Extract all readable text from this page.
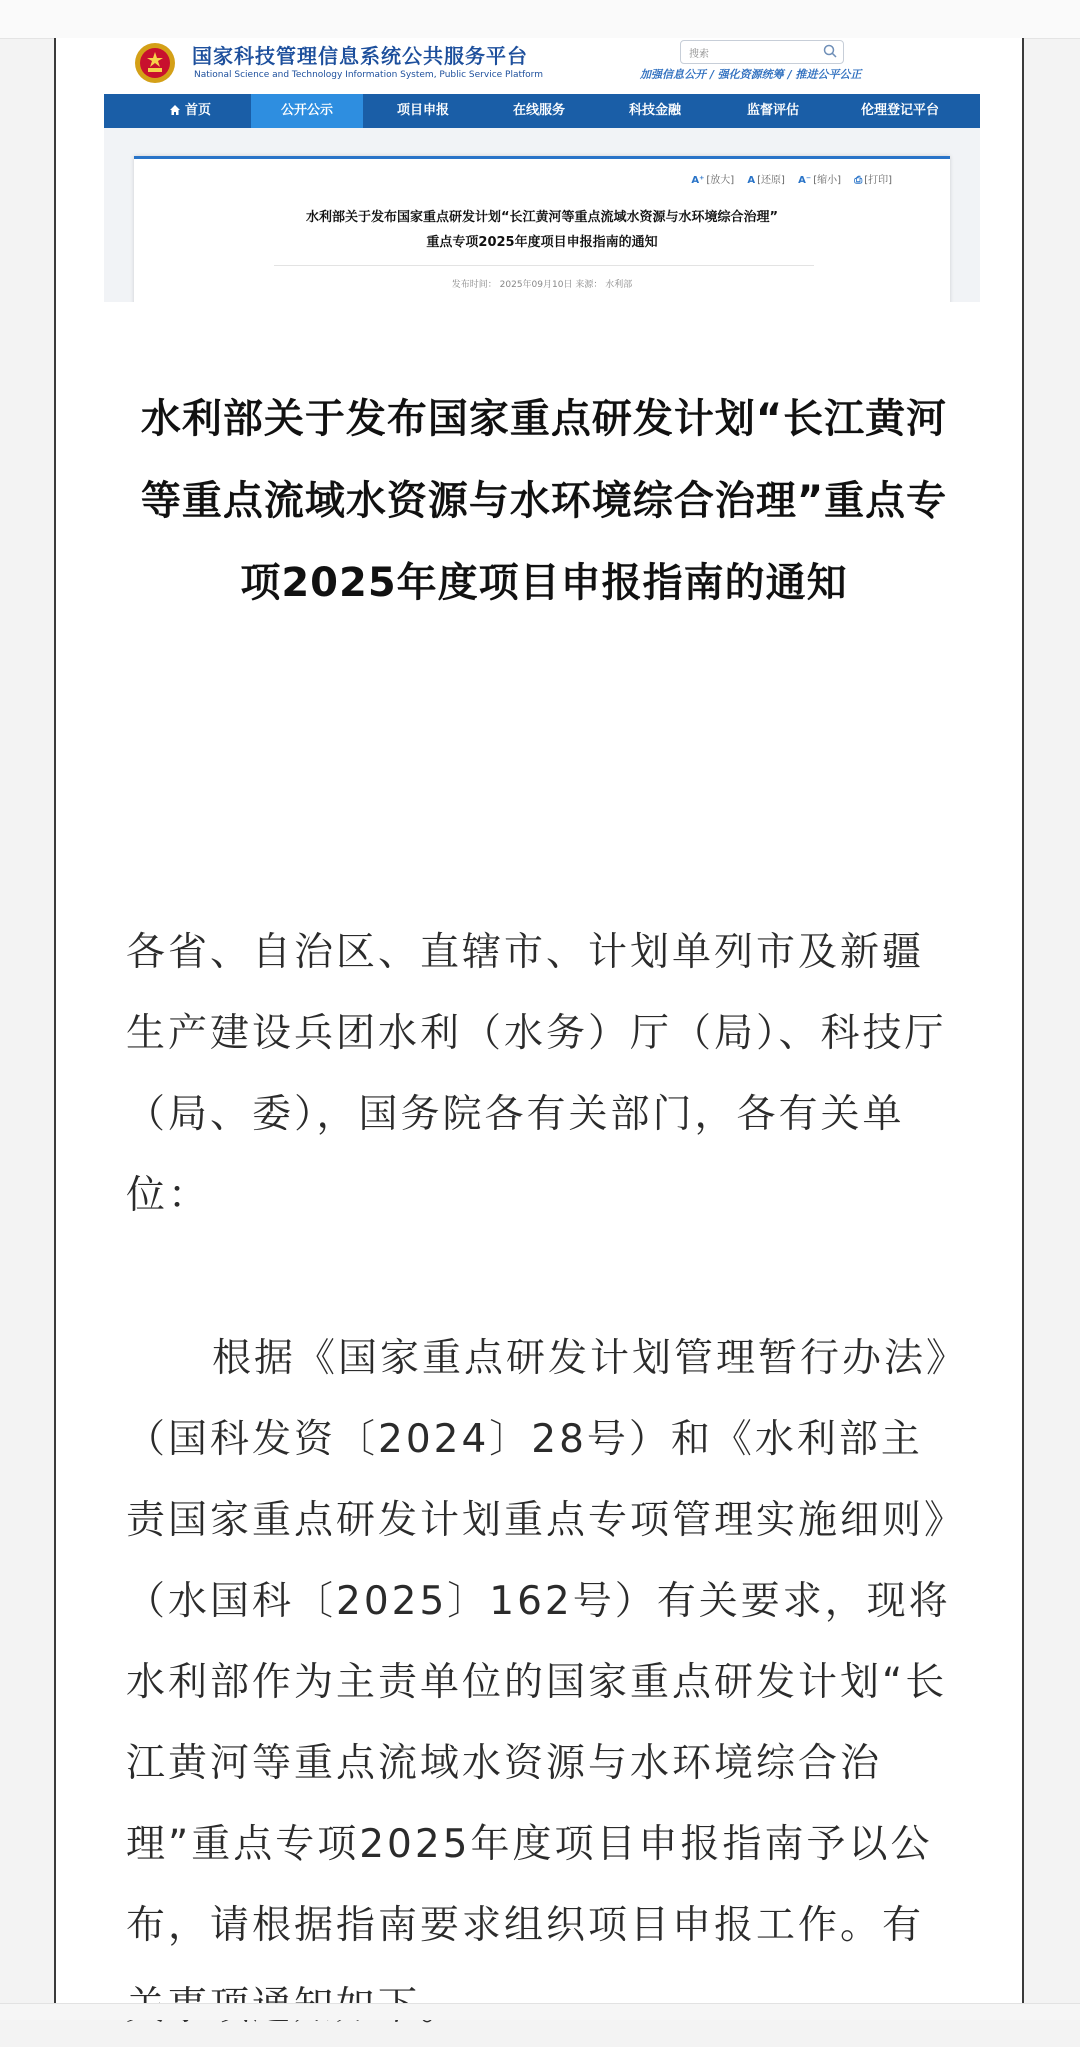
国家科技管理信息系统公共服务平台
National Science and Technology Information System, Public Service Platform
搜索
加强信息公开 / 强化资源统筹 / 推进公平公正
首页	公开公示	项目申报	在线服务	科技金融	监督评估	伦理登记平台
A⁺ [放大] A [还原] A⁻ [缩小] ⎙ [打印]
水利部关于发布国家重点研发计划“长江黄河等重点流域水资源与水环境综合治理”
重点专项2025年度项目申报指南的通知
发布时间： 2025年09月10日 来源： 水利部
水利部关于发布国家重点研发计划“长江黄河等重点流域水资源与水环境综合治理”重点专项2025年度项目申报指南的通知

各省、自治区、直辖市、计划单列市及新疆生产建设兵团水利（水务）厅（局）、科技厅（局、委），国务院各有关部门，各有关单位：

根据《国家重点研发计划管理暂行办法》（国科发资〔2024〕28号）和《水利部主责国家重点研发计划重点专项管理实施细则》（水国科〔2025〕162号）有关要求，现将水利部作为主责单位的国家重点研发计划“长江黄河等重点流域水资源与水环境综合治理”重点专项2025年度项目申报指南予以公布，请根据指南要求组织项目申报工作。有
